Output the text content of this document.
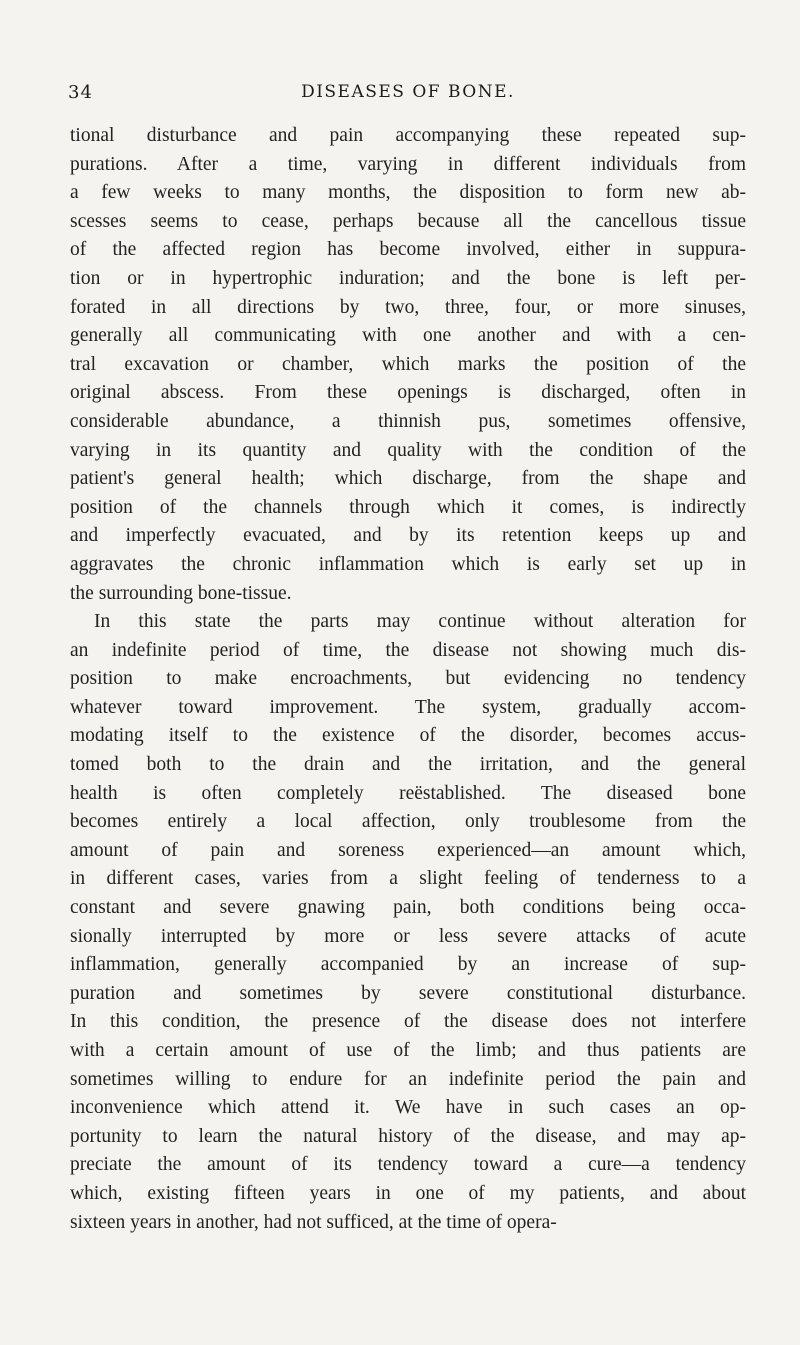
34	DISEASES OF BONE.
tional disturbance and pain accompanying these repeated sup-
purations. After a time, varying in different individuals from
a few weeks to many months, the disposition to form new ab-
scesses seems to cease, perhaps because all the cancellous tissue
of the affected region has become involved, either in suppura-
tion or in hypertrophic induration; and the bone is left per-
forated in all directions by two, three, four, or more sinuses,
generally all communicating with one another and with a cen-
tral excavation or chamber, which marks the position of the
original abscess. From these openings is discharged, often in
considerable abundance, a thinnish pus, sometimes offensive,
varying in its quantity and quality with the condition of the
patient's general health; which discharge, from the shape and
position of the channels through which it comes, is indirectly
and imperfectly evacuated, and by its retention keeps up and
aggravates the chronic inflammation which is early set up in
the surrounding bone-tissue.
In this state the parts may continue without alteration for
an indefinite period of time, the disease not showing much dis-
position to make encroachments, but evidencing no tendency
whatever toward improvement. The system, gradually accom-
modating itself to the existence of the disorder, becomes accus-
tomed both to the drain and the irritation, and the general
health is often completely reëstablished. The diseased bone
becomes entirely a local affection, only troublesome from the
amount of pain and soreness experienced—an amount which,
in different cases, varies from a slight feeling of tenderness to a
constant and severe gnawing pain, both conditions being occa-
sionally interrupted by more or less severe attacks of acute
inflammation, generally accompanied by an increase of sup-
puration and sometimes by severe constitutional disturbance.
In this condition, the presence of the disease does not interfere
with a certain amount of use of the limb; and thus patients are
sometimes willing to endure for an indefinite period the pain and
inconvenience which attend it. We have in such cases an op-
portunity to learn the natural history of the disease, and may ap-
preciate the amount of its tendency toward a cure—a tendency
which, existing fifteen years in one of my patients, and about
sixteen years in another, had not sufficed, at the time of opera-
